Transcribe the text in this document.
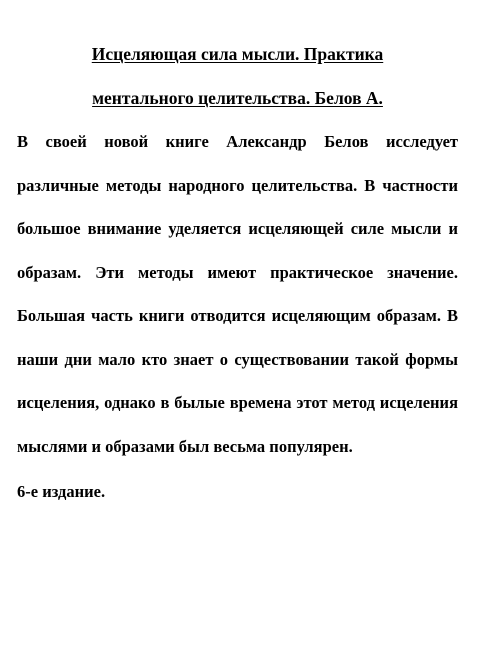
Исцеляющая сила мысли. Практика
ментального целительства. Белов А.

В своей новой книге Александр Белов исследует различные методы народного целительства. В частности большое внимание уделяется исцеляющей силе мысли и образам. Эти методы имеют практическое значение. Большая часть книги отводится исцеляющим образам. В наши дни мало кто знает о существовании такой формы исцеления, однако в былые времена этот метод исцеления мыслями и образами был весьма популярен.

6-е издание.
